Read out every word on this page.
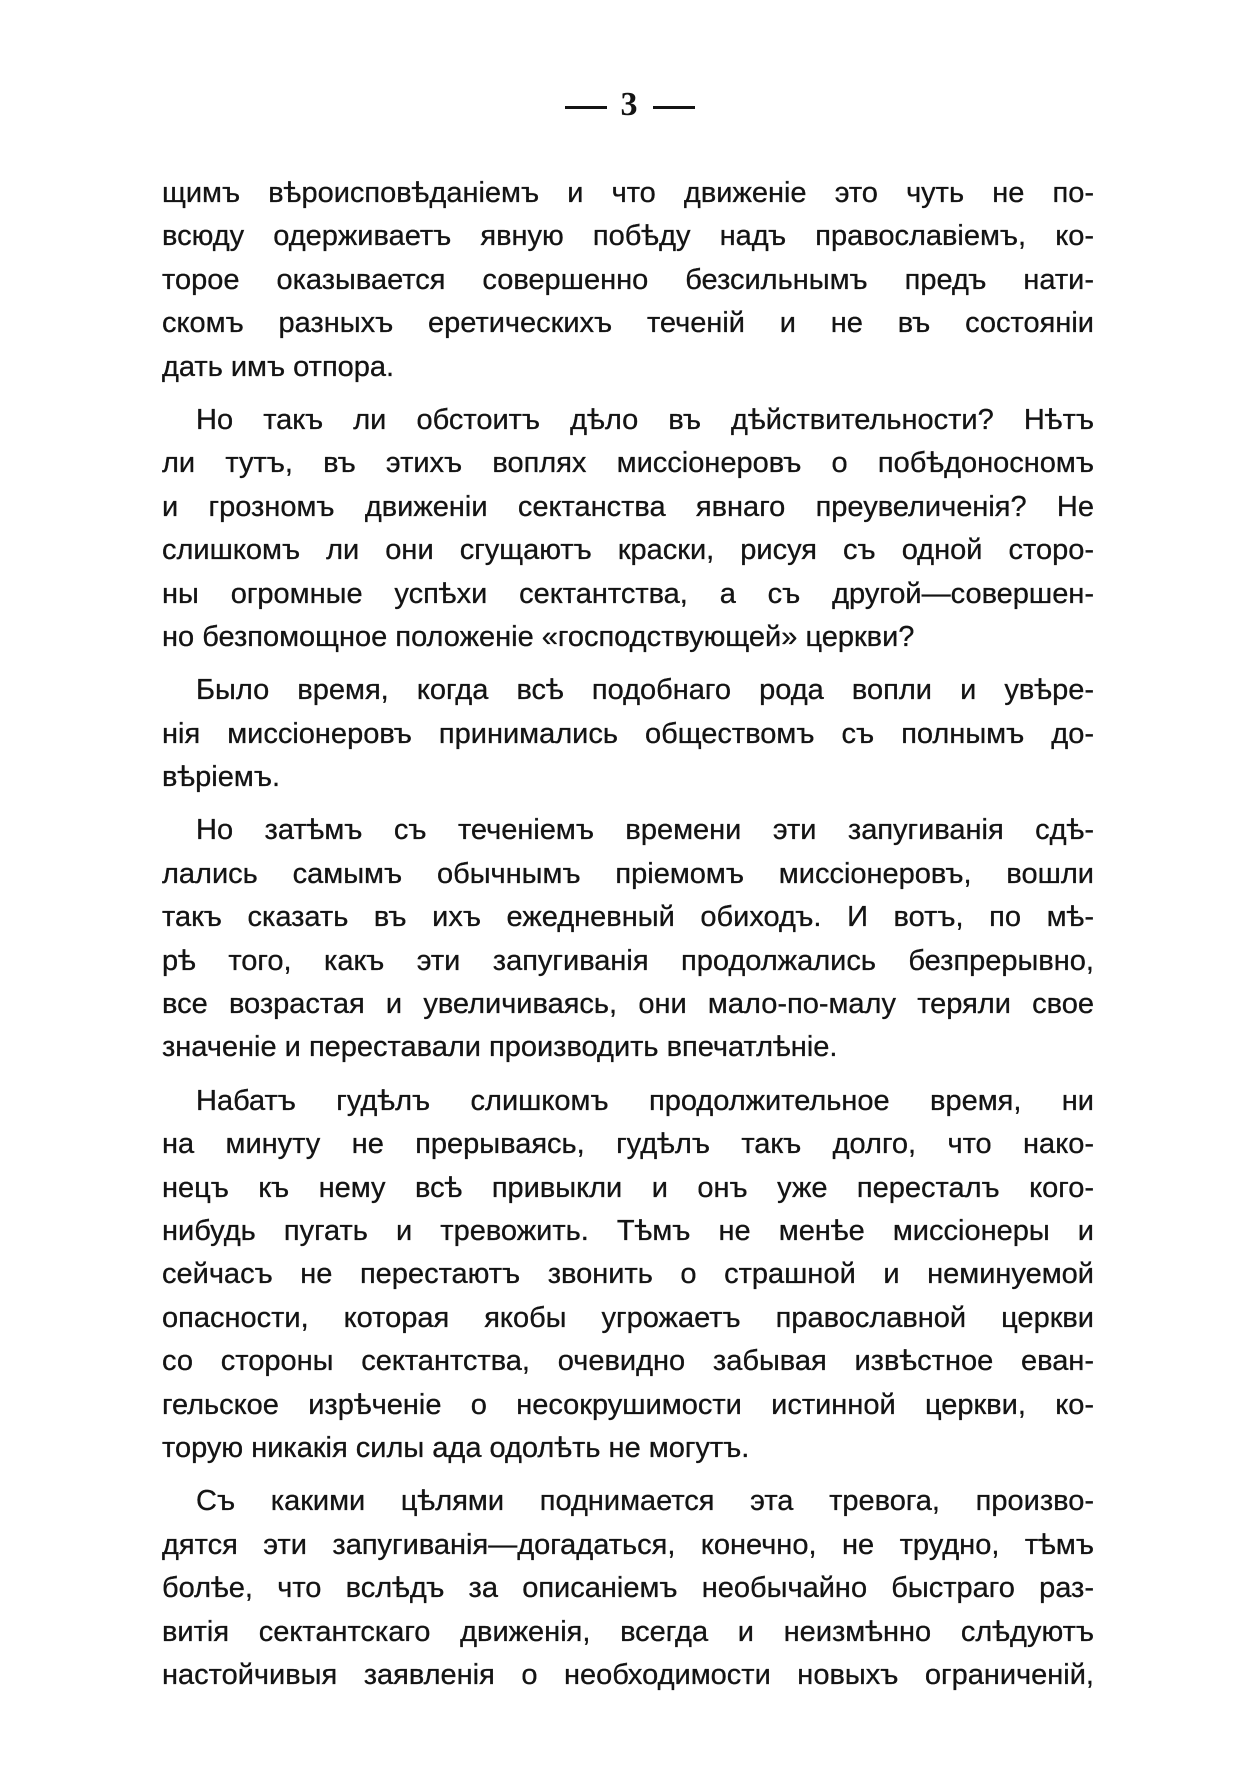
3
щимъ вѣроисповѣданіемъ и что движеніе это чуть не по-
всюду одерживаетъ явную побѣду надъ православіемъ, ко-
торое оказывается совершенно безсильнымъ предъ нати-
скомъ разныхъ еретическихъ теченій и не въ состояніи
дать имъ отпора.
Но такъ ли обстоитъ дѣло въ дѣйствительности? Нѣтъ
ли тутъ, въ этихъ воплях миссіонеровъ о побѣдоносномъ
и грозномъ движеніи сектанства явнаго преувеличенія? Не
слишкомъ ли они сгущаютъ краски, рисуя съ одной сторо-
ны огромные успѣхи сектантства, а съ другой—совершен-
но безпомощное положеніе «господствующей» церкви?
Было время, когда всѣ подобнаго рода вопли и увѣре-
нія миссіонеровъ принимались обществомъ съ полнымъ до-
вѣріемъ.
Но затѣмъ съ теченіемъ времени эти запугиванія сдѣ-
лались самымъ обычнымъ пріемомъ миссіонеровъ, вошли
такъ сказать въ ихъ ежедневный обиходъ. И вотъ, по мѣ-
рѣ того, какъ эти запугиванія продолжались безпрерывно,
все возрастая и увеличиваясь, они мало-по-малу теряли свое
значеніе и переставали производить впечатлѣніе.
Набатъ гудѣлъ слишкомъ продолжительное время, ни
на минуту не прерываясь, гудѣлъ такъ долго, что нако-
нецъ къ нему всѣ привыкли и онъ уже пересталъ кого-
нибудь пугать и тревожить. Тѣмъ не менѣе миссіонеры и
сейчасъ не перестаютъ звонить о страшной и неминуемой
опасности, которая якобы угрожаетъ православной церкви
со стороны сектантства, очевидно забывая извѣстное еван-
гельское изрѣченіе о несокрушимости истинной церкви, ко-
торую никакія силы ада одолѣть не могутъ.
Съ какими цѣлями поднимается эта тревога, произво-
дятся эти запугиванія—догадаться, конечно, не трудно, тѣмъ
болѣе, что вслѣдъ за описаніемъ необычайно быстраго раз-
витія сектантскаго движенія, всегда и неизмѣнно слѣдуютъ
настойчивыя заявленія о необходимости новыхъ ограниченій,
